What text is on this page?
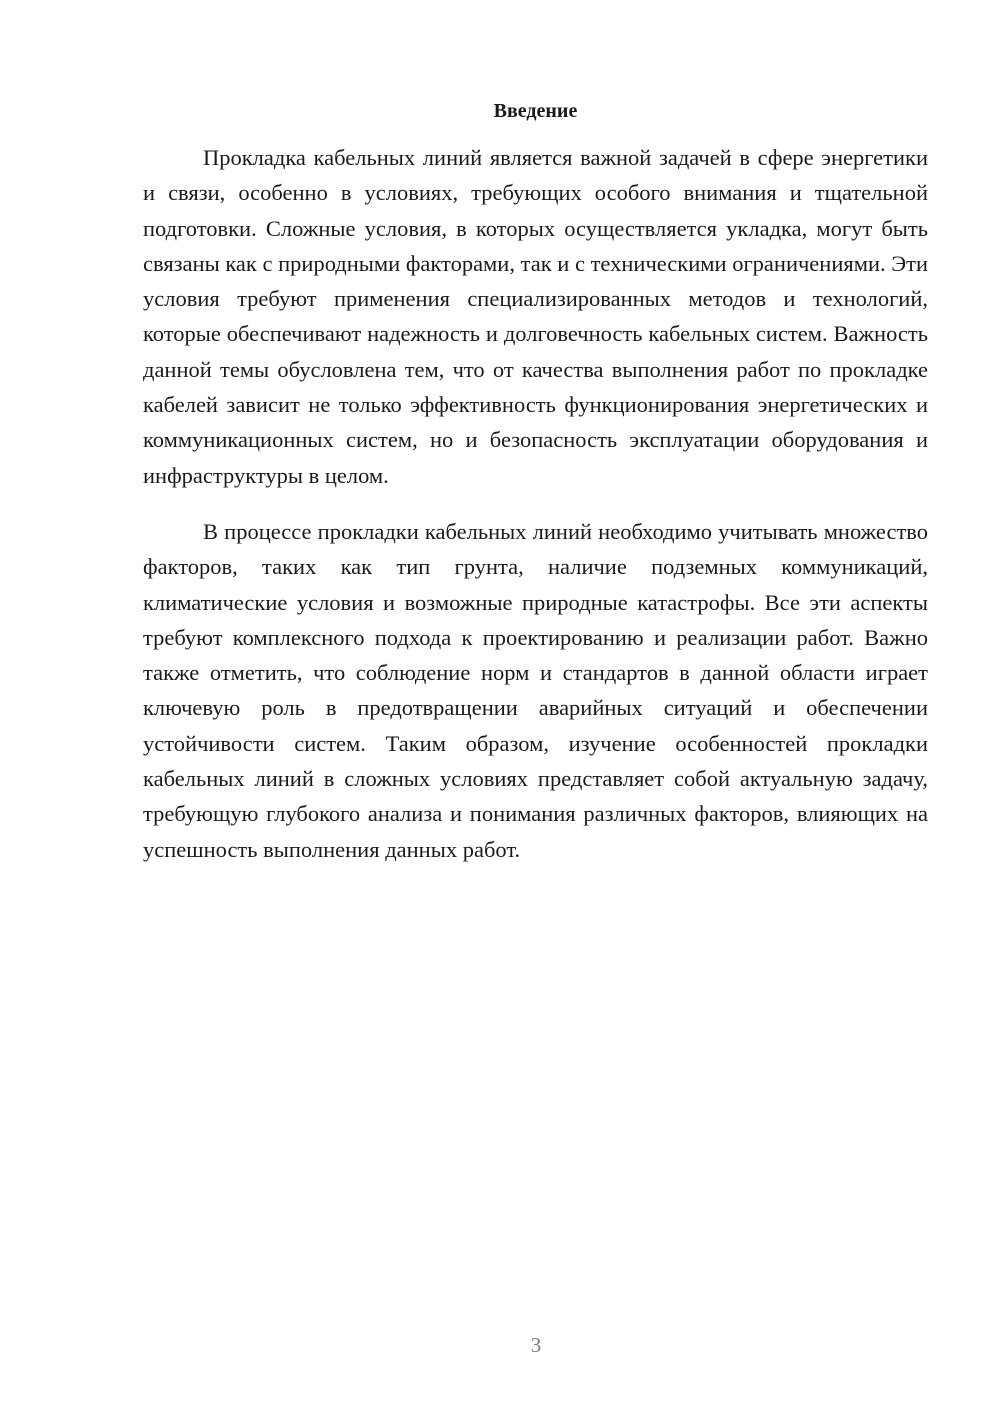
Введение

Прокладка кабельных линий является важной задачей в сфере энергетики и связи, особенно в условиях, требующих особого внимания и тщательной подготовки. Сложные условия, в которых осуществляется укладка, могут быть связаны как с природными факторами, так и с техническими ограничениями. Эти условия требуют применения специализированных методов и технологий, которые обеспечивают надежность и долговечность кабельных систем. Важность данной темы обусловлена тем, что от качества выполнения работ по прокладке кабелей зависит не только эффективность функционирования энергетических и коммуникационных систем, но и безопасность эксплуатации оборудования и инфраструктуры в целом.

В процессе прокладки кабельных линий необходимо учитывать множество факторов, таких как тип грунта, наличие подземных коммуникаций, климатические условия и возможные природные катастрофы. Все эти аспекты требуют комплексного подхода к проектированию и реализации работ. Важно также отметить, что соблюдение норм и стандартов в данной области играет ключевую роль в предотвращении аварийных ситуаций и обеспечении устойчивости систем. Таким образом, изучение особенностей прокладки кабельных линий в сложных условиях представляет собой актуальную задачу, требующую глубокого анализа и понимания различных факторов, влияющих на успешность выполнения данных работ.

3
